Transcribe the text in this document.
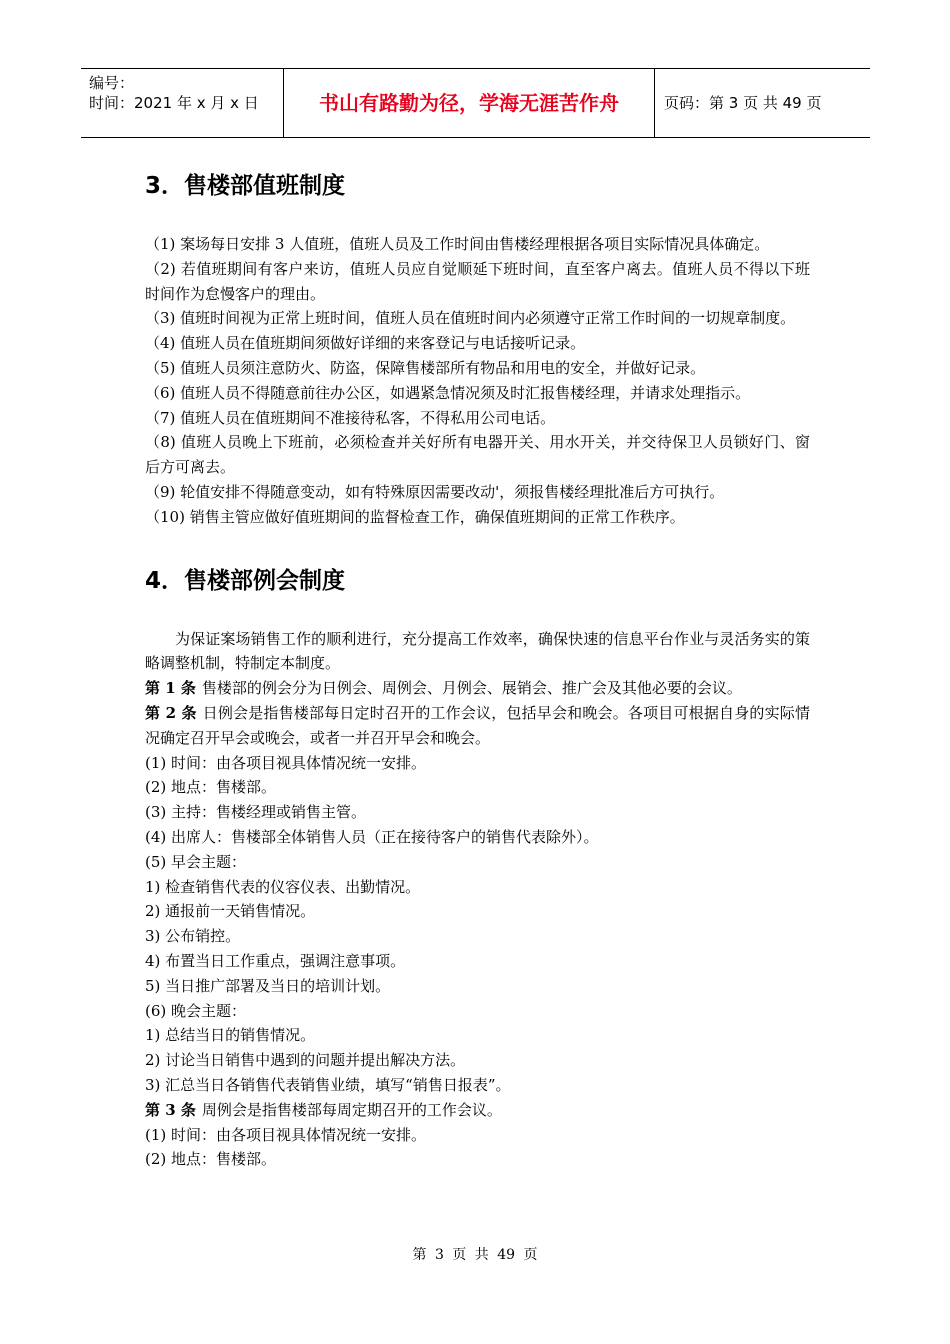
编号：
时间：2021 年 x 月 x 日	书山有路勤为径，学海无涯苦作舟	页码：第 3 页 共 49 页
3．售楼部值班制度

（1) 案场每日安排 3 人值班，值班人员及工作时间由售楼经理根据各项目实际情况具体确定。

（2) 若值班期间有客户来访，值班人员应自觉顺延下班时间，直至客户离去。值班人员不得以下班时间作为怠慢客户的理由。

（3) 值班时间视为正常上班时间，值班人员在值班时间内必须遵守正常工作时间的一切规章制度。

（4) 值班人员在值班期间须做好详细的来客登记与电话接听记录。

（5) 值班人员须注意防火、防盗，保障售楼部所有物品和用电的安全，并做好记录。

（6) 值班人员不得随意前往办公区，如遇紧急情况须及时汇报售楼经理，并请求处理指示。

（7) 值班人员在值班期间不准接待私客，不得私用公司电话。

（8) 值班人员晚上下班前，必须检查并关好所有电器开关、用水开关，并交待保卫人员锁好门、窗后方可离去。

（9) 轮值安排不得随意变动，如有特殊原因需要改动'，须报售楼经理批准后方可执行。

（10) 销售主管应做好值班期间的监督检查工作，确保值班期间的正常工作秩序。

4．售楼部例会制度

为保证案场销售工作的顺利进行，充分提高工作效率，确保快速的信息平台作业与灵活务实的策略调整机制，特制定本制度。

第 1 条 售楼部的例会分为日例会、周例会、月例会、展销会、推广会及其他必要的会议。

第 2 条 日例会是指售楼部每日定时召开的工作会议，包括早会和晚会。各项目可根据自身的实际情况确定召开早会或晚会，或者一并召开早会和晚会。

(1) 时间：由各项目视具体情况统一安排。

(2) 地点：售楼部。

(3) 主持：售楼经理或销售主管。

(4) 出席人：售楼部全体销售人员（正在接待客户的销售代表除外）。

(5) 早会主题：

1) 检查销售代表的仪容仪表、出勤情况。

2) 通报前一天销售情况。

3) 公布销控。

4) 布置当日工作重点，强调注意事项。

5) 当日推广部署及当日的培训计划。

(6) 晚会主题：

1) 总结当日的销售情况。

2) 讨论当日销售中遇到的问题并提出解决方法。

3) 汇总当日各销售代表销售业绩，填写“销售日报表”。

第 3 条 周例会是指售楼部每周定期召开的工作会议。

(1) 时间：由各项目视具体情况统一安排。

(2) 地点：售楼部。

第 3 页 共 49 页
